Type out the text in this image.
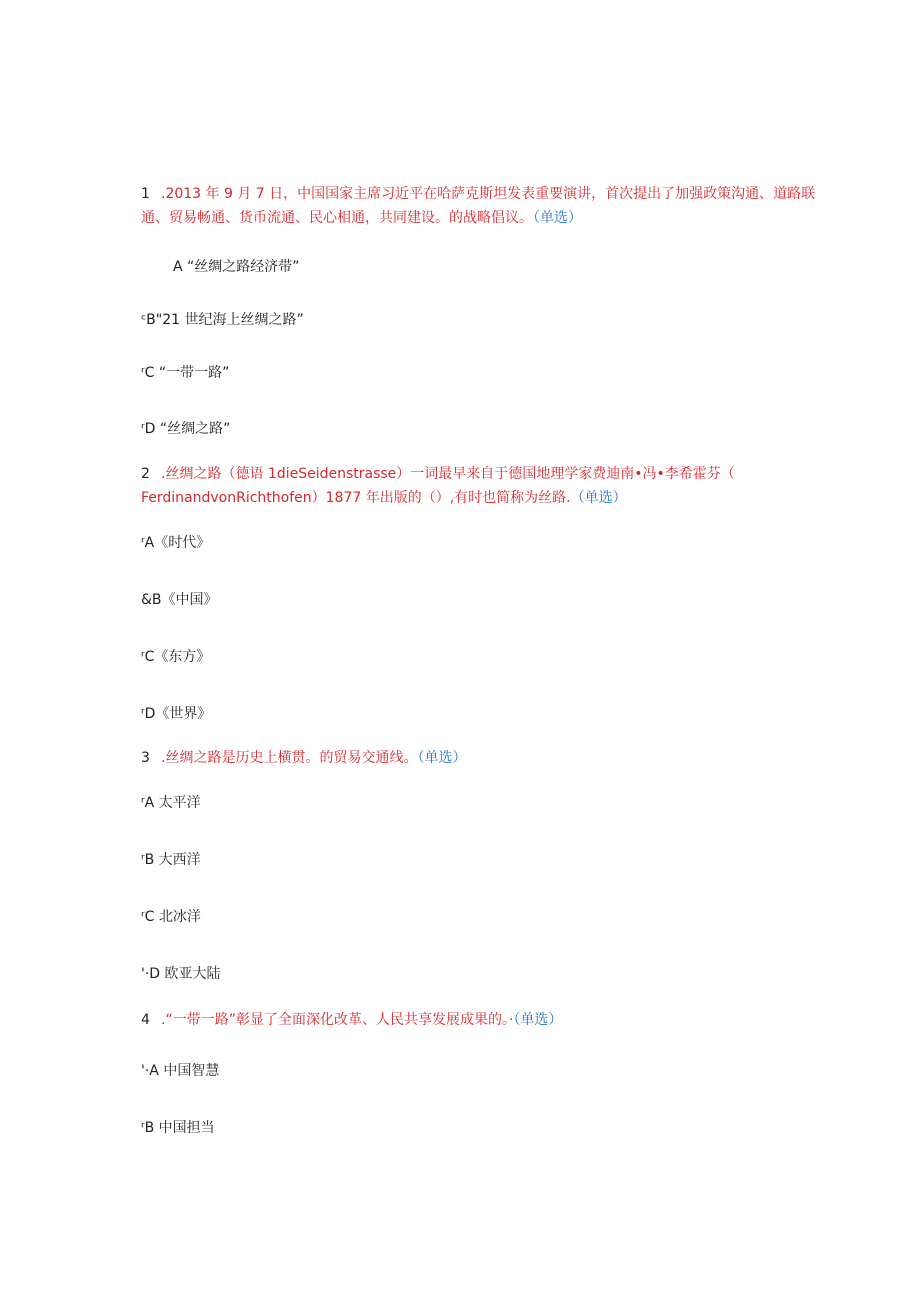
1 .2013 年 9 月 7 日，中国国家主席习近平在哈萨克斯坦发表重要演讲，首次提出了加强政策沟通、道路联
通、贸易畅通、货币流通、民心相通，共同建设。的战略倡议。（单选）
A “丝绸之路经济带”
ᶜB"21 世纪海上丝绸之路”
ʳC “一带一路”
ʳD “丝绸之路”
2 .丝绸之路（德语 1dieSeidenstrasse）一词最早来自于德国地理学家费迪南•冯•李希霍芬（
FerdinandvonRichthofen）1877 年出版的（）,有时也简称为丝路.（单选）
ʳA《时代》
&B《中国》
ʳC《东方》
ʳD《世界》
3 .丝绸之路是历史上横贯。的贸易交通线。（单选）
ʳA 太平洋
ʳB 大西洋
ʳC 北冰洋
'·D 欧亚大陆
4 .“一带一路”彰显了全面深化改革、人民共享发展成果的。·（单选）
'·A 中国智慧
ʳB 中国担当
